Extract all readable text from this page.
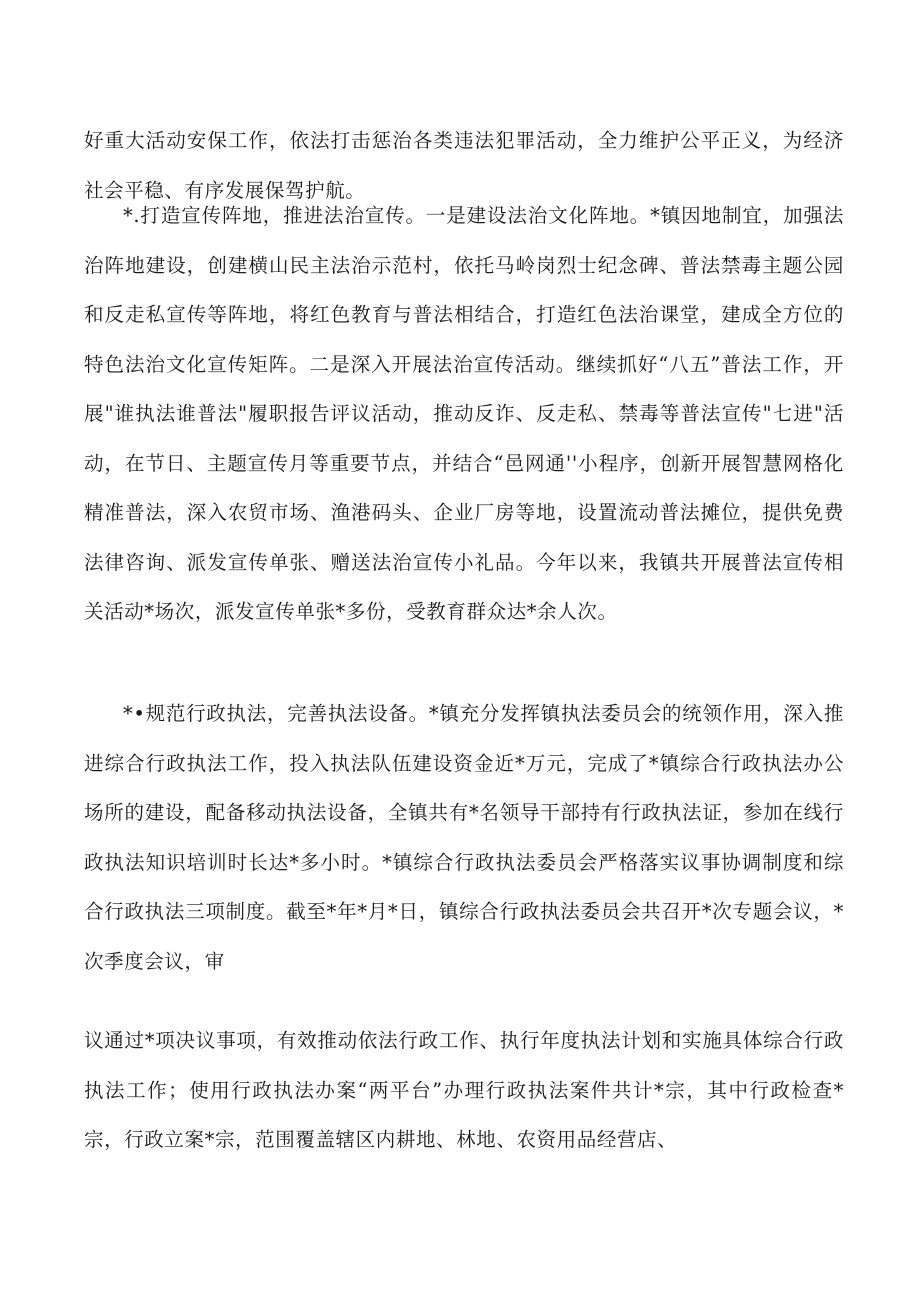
好重大活动安保工作，依法打击惩治各类违法犯罪活动，全力维护公平正义，为经济社会平稳、有序发展保驾护航。

*.打造宣传阵地，推进法治宣传。一是建设法治文化阵地。*镇因地制宜，加强法治阵地建设，创建横山民主法治示范村，依托马岭岗烈士纪念碑、普法禁毒主题公园和反走私宣传等阵地，将红色教育与普法相结合，打造红色法治课堂，建成全方位的特色法治文化宣传矩阵。二是深入开展法治宣传活动。继续抓好“八五”普法工作，开展"谁执法谁普法"履职报告评议活动，推动反诈、反走私、禁毒等普法宣传"七进"活动，在节日、主题宣传月等重要节点，并结合“邑网通''小程序，创新开展智慧网格化精准普法，深入农贸市场、渔港码头、企业厂房等地，设置流动普法摊位，提供免费法律咨询、派发宣传单张、赠送法治宣传小礼品。今年以来，我镇共开展普法宣传相关活动*场次，派发宣传单张*多份，受教育群众达*余人次。

*•规范行政执法，完善执法设备。*镇充分发挥镇执法委员会的统领作用，深入推进综合行政执法工作，投入执法队伍建设资金近*万元，完成了*镇综合行政执法办公场所的建设，配备移动执法设备，全镇共有*名领导干部持有行政执法证，参加在线行政执法知识培训时长达*多小时。*镇综合行政执法委员会严格落实议事协调制度和综合行政执法三项制度。截至*年*月*日，镇综合行政执法委员会共召开*次专题会议，*次季度会议，审

议通过*项决议事项，有效推动依法行政工作、执行年度执法计划和实施具体综合行政执法工作；使用行政执法办案“两平台”办理行政执法案件共计*宗，其中行政检查*宗，行政立案*宗，范围覆盖辖区内耕地、林地、农资用品经营店、
